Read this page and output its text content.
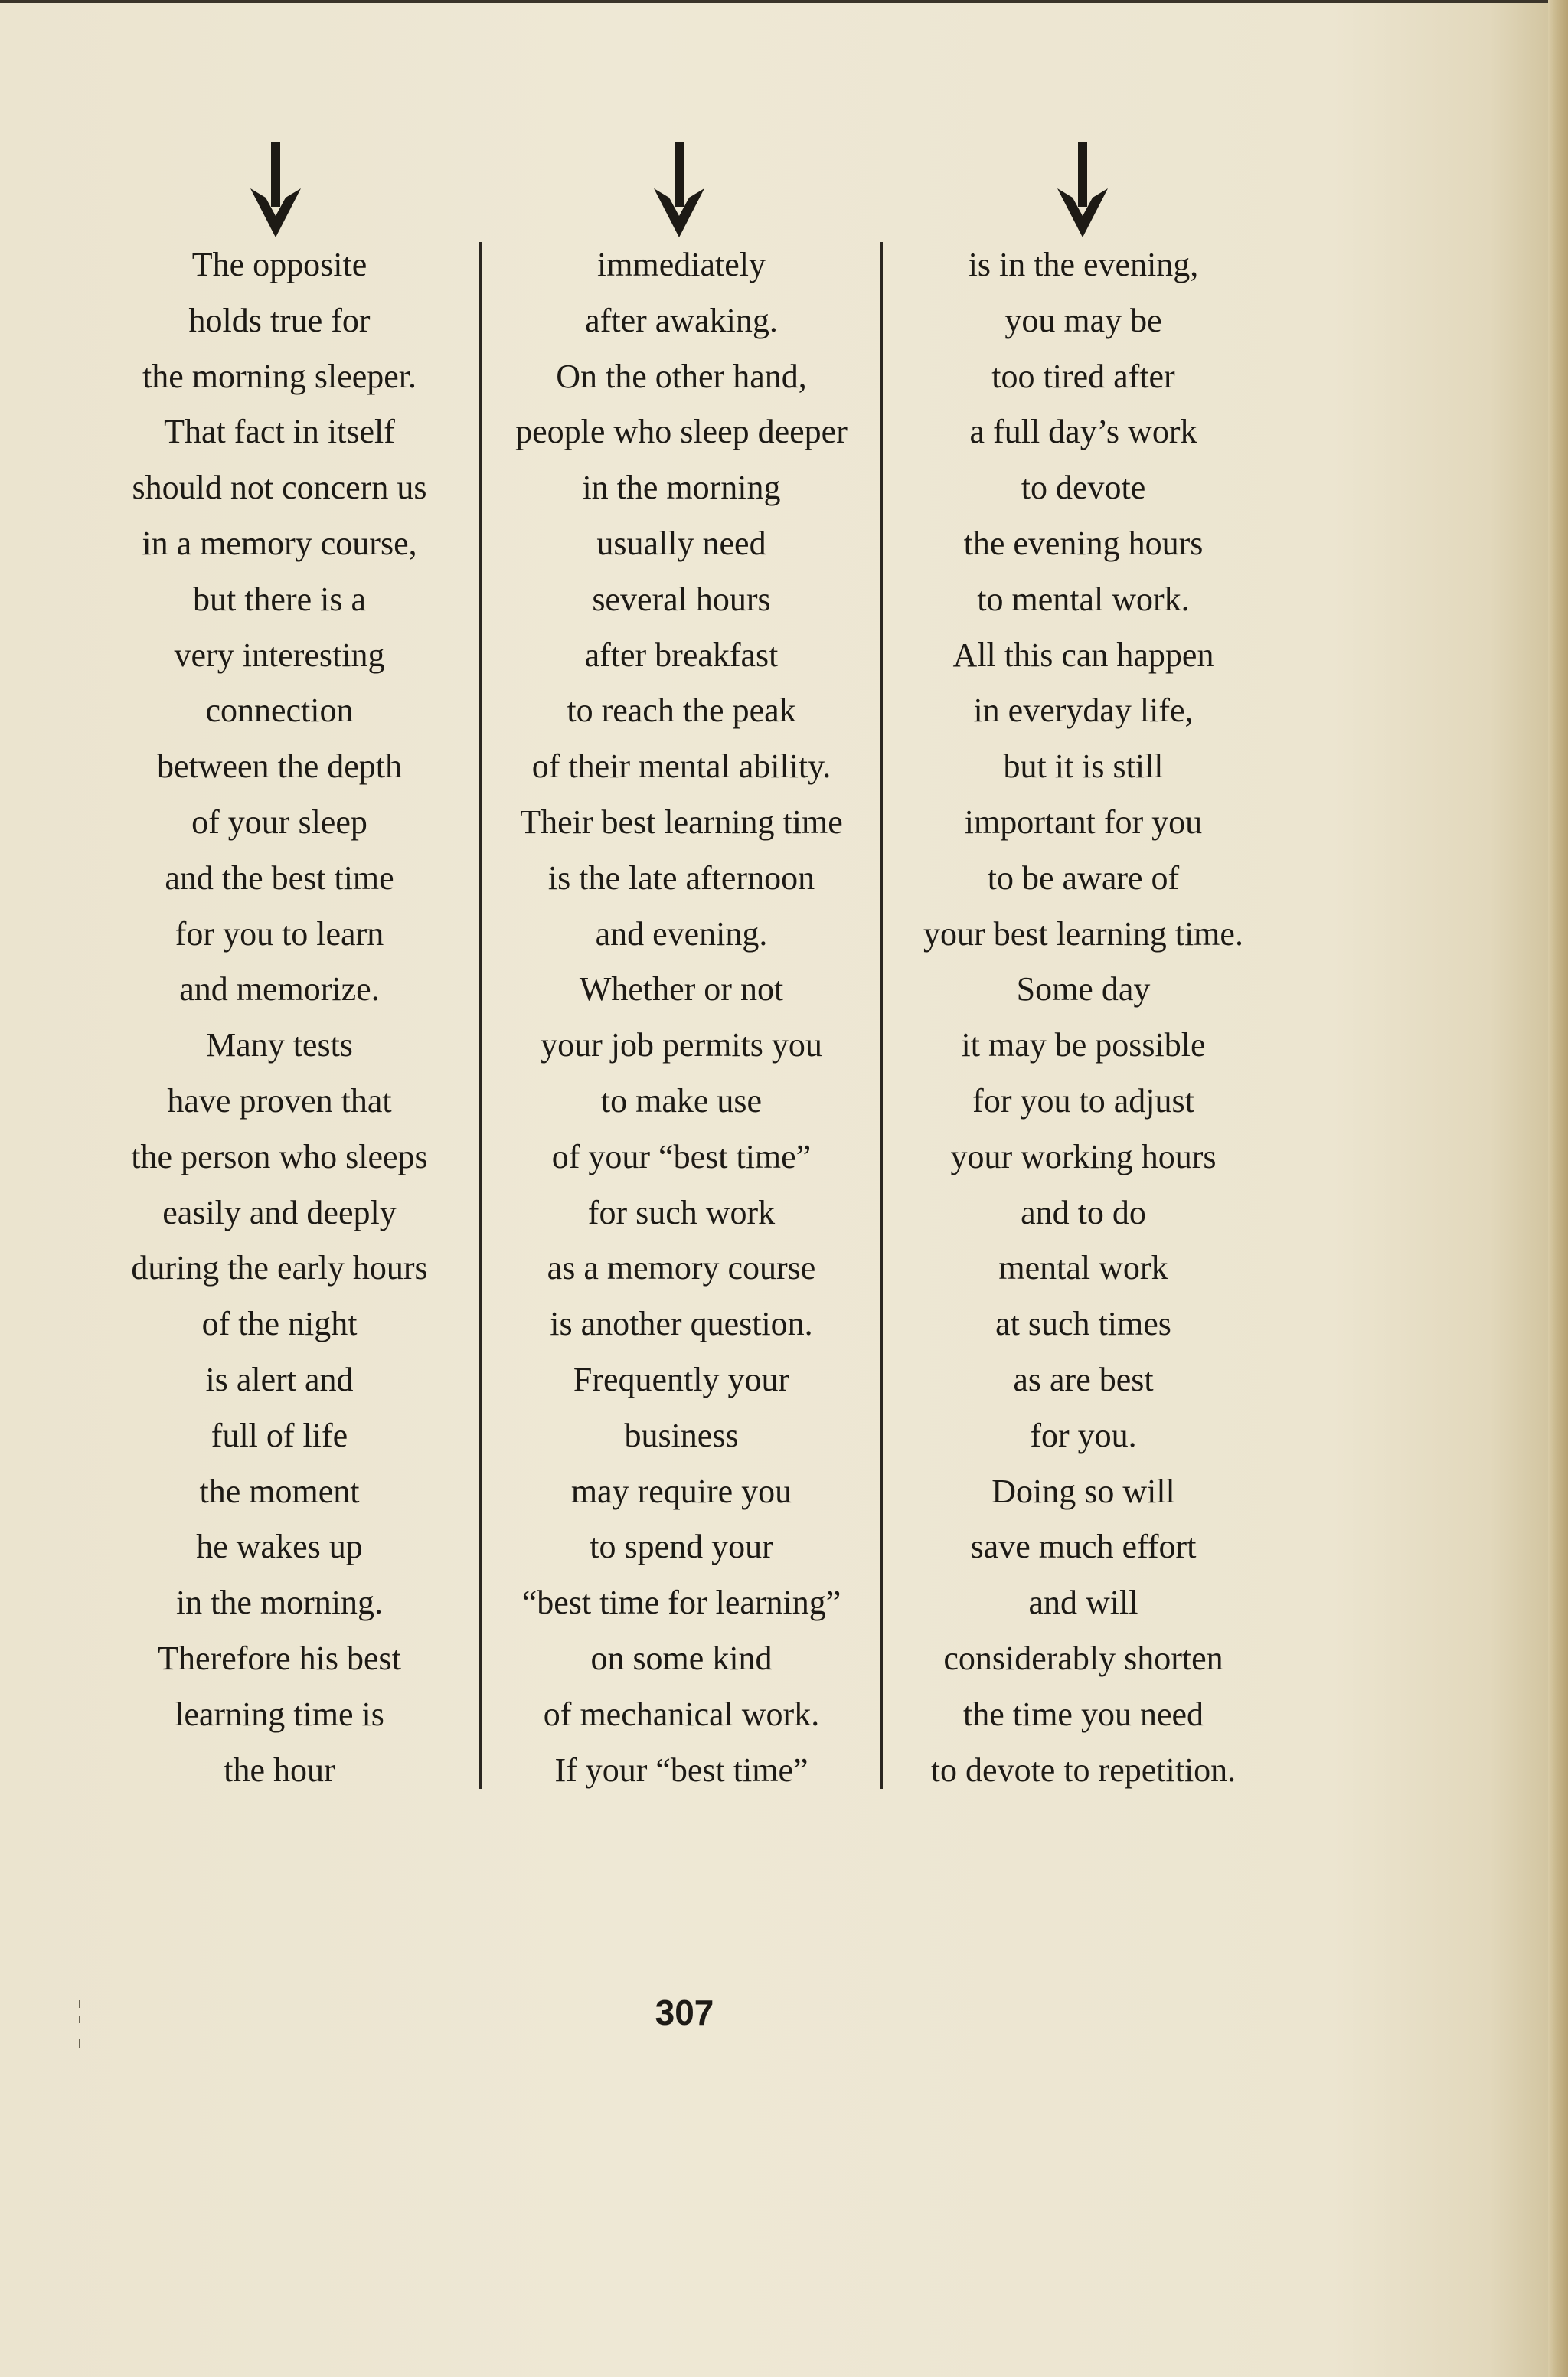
The opposite
holds true for
the morning sleeper.
That fact in itself
should not concern us
in a memory course,
but there is a
very interesting
connection
between the depth
of your sleep
and the best time
for you to learn
and memorize.
Many tests
have proven that
the person who sleeps
easily and deeply
during the early hours
of the night
is alert and
full of life
the moment
he wakes up
in the morning.
Therefore his best
learning time is
the hour
immediately
after awaking.
On the other hand,
people who sleep deeper
in the morning
usually need
several hours
after breakfast
to reach the peak
of their mental ability.
Their best learning time
is the late afternoon
and evening.
Whether or not
your job permits you
to make use
of your “best time”
for such work
as a memory course
is another question.
Frequently your
business
may require you
to spend your
“best time for learning”
on some kind
of mechanical work.
If your “best time”
is in the evening,
you may be
too tired after
a full day’s work
to devote
the evening hours
to mental work.
All this can happen
in everyday life,
but it is still
important for you
to be aware of
your best learning time.
Some day
it may be possible
for you to adjust
your working hours
and to do
mental work
at such times
as are best
for you.
Doing so will
save much effort
and will
considerably shorten
the time you need
to devote to repetition.
307
